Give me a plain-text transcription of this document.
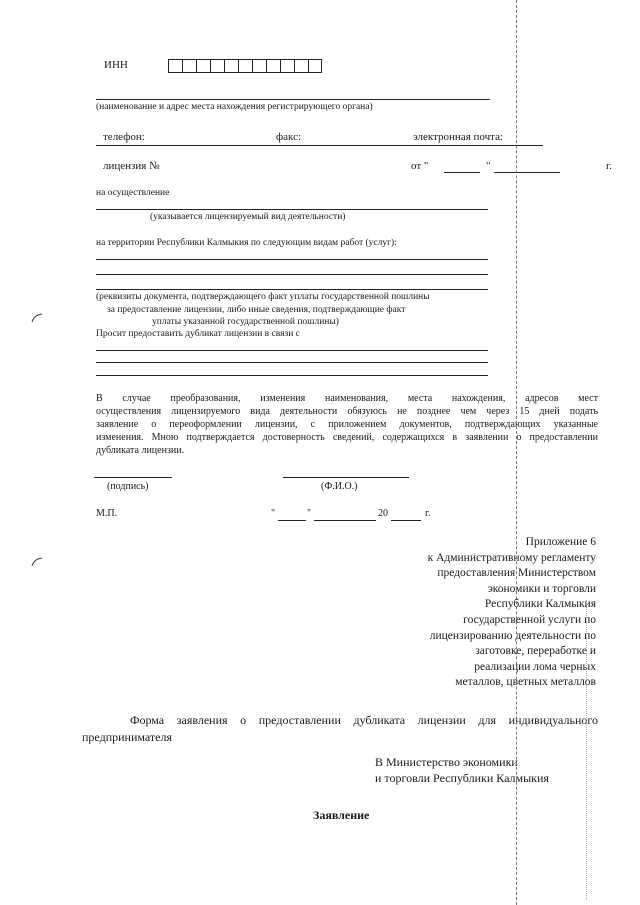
ИНН
(наименование и адрес места нахождения регистрирующего органа)
телефон:	факс:	электронная почта:
лицензия №	от "	"	г.
на осуществление
(указывается лицензируемый вид деятельности)
на территории Республики Калмыкия по следующим видам работ (услуг):
(реквизиты документа, подтверждающего факт уплаты государственной пошлины
за предоставление лицензии, либо иные сведения, подтверждающие факт
уплаты указанной государственной пошлины)
Просит предоставить дубликат лицензии в связи с
В случае преобразования, изменения наименования, места нахождения, адресов мест
осуществления лицензируемого вида деятельности обязуюсь не позднее чем через 15 дней подать
заявление о переоформлении лицензии, с приложением документов, подтверждающих указанные
изменения. Мною подтверждается достоверность сведений, содержащихся в заявлении о предоставлении
дубликата лицензии.
(подпись)	(Ф.И.О.)
М.П.	"	"	20	г.
Приложение 6
к Административному регламенту
предоставления Министерством
экономики и торговли
Республики Калмыкия
государственной услуги по
лицензированию деятельности по
заготовке, переработке и
реализации лома черных
металлов, цветных металлов
Форма заявления о предоставлении дубликата лицензии для индивидуального
предпринимателя
В Министерство экономики
и торговли Республики Калмыкия
Заявление
